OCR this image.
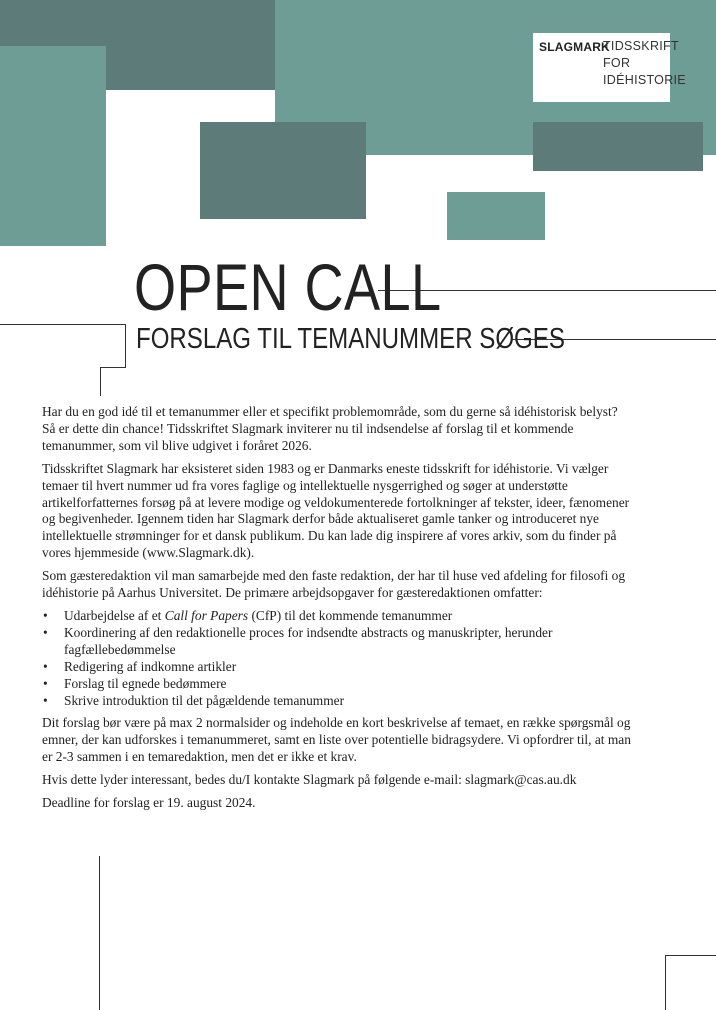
SLAGMARK
TIDSSKRIFT
FOR
IDÉHISTORIE
OPEN CALL
FORSLAG TIL TEMANUMMER SØGES

Har du en god idé til et temanummer eller et specifikt problemområde, som du gerne så idéhistorisk belyst? Så er dette din chance! Tidsskriftet Slagmark inviterer nu til indsendelse af forslag til et kommende temanummer, som vil blive udgivet i foråret 2026.

Tidsskriftet Slagmark har eksisteret siden 1983 og er Danmarks eneste tidsskrift for idéhistorie. Vi vælger temaer til hvert nummer ud fra vores faglige og intellektuelle nysgerrighed og søger at understøtte artikelforfatternes forsøg på at levere modige og veldokumenterede fortolkninger af tekster, ideer, fænomener og begivenheder. Igennem tiden har Slagmark derfor både aktualiseret gamle tanker og introduceret nye intellektuelle strømninger for et dansk publikum. Du kan lade dig inspirere af vores arkiv, som du finder på vores hjemmeside (www.Slagmark.dk).

Som gæsteredaktion vil man samarbejde med den faste redaktion, der har til huse ved afdeling for filosofi og idéhistorie på Aarhus Universitet. De primære arbejdsopgaver for gæsteredaktionen omfatter:

• Udarbejdelse af et Call for Papers (CfP) til det kommende temanummer
• Koordinering af den redaktionelle proces for indsendte abstracts og manuskripter, herunder fagfællebedømmelse
• Redigering af indkomne artikler
• Forslag til egnede bedømmere
• Skrive introduktion til det pågældende temanummer

Dit forslag bør være på max 2 normalsider og indeholde en kort beskrivelse af temaet, en række spørgsmål og emner, der kan udforskes i temanummeret, samt en liste over potentielle bidragsydere. Vi opfordrer til, at man er 2-3 sammen i en temaredaktion, men det er ikke et krav.

Hvis dette lyder interessant, bedes du/I kontakte Slagmark på følgende e-mail: slagmark@cas.au.dk

Deadline for forslag er 19. august 2024.
